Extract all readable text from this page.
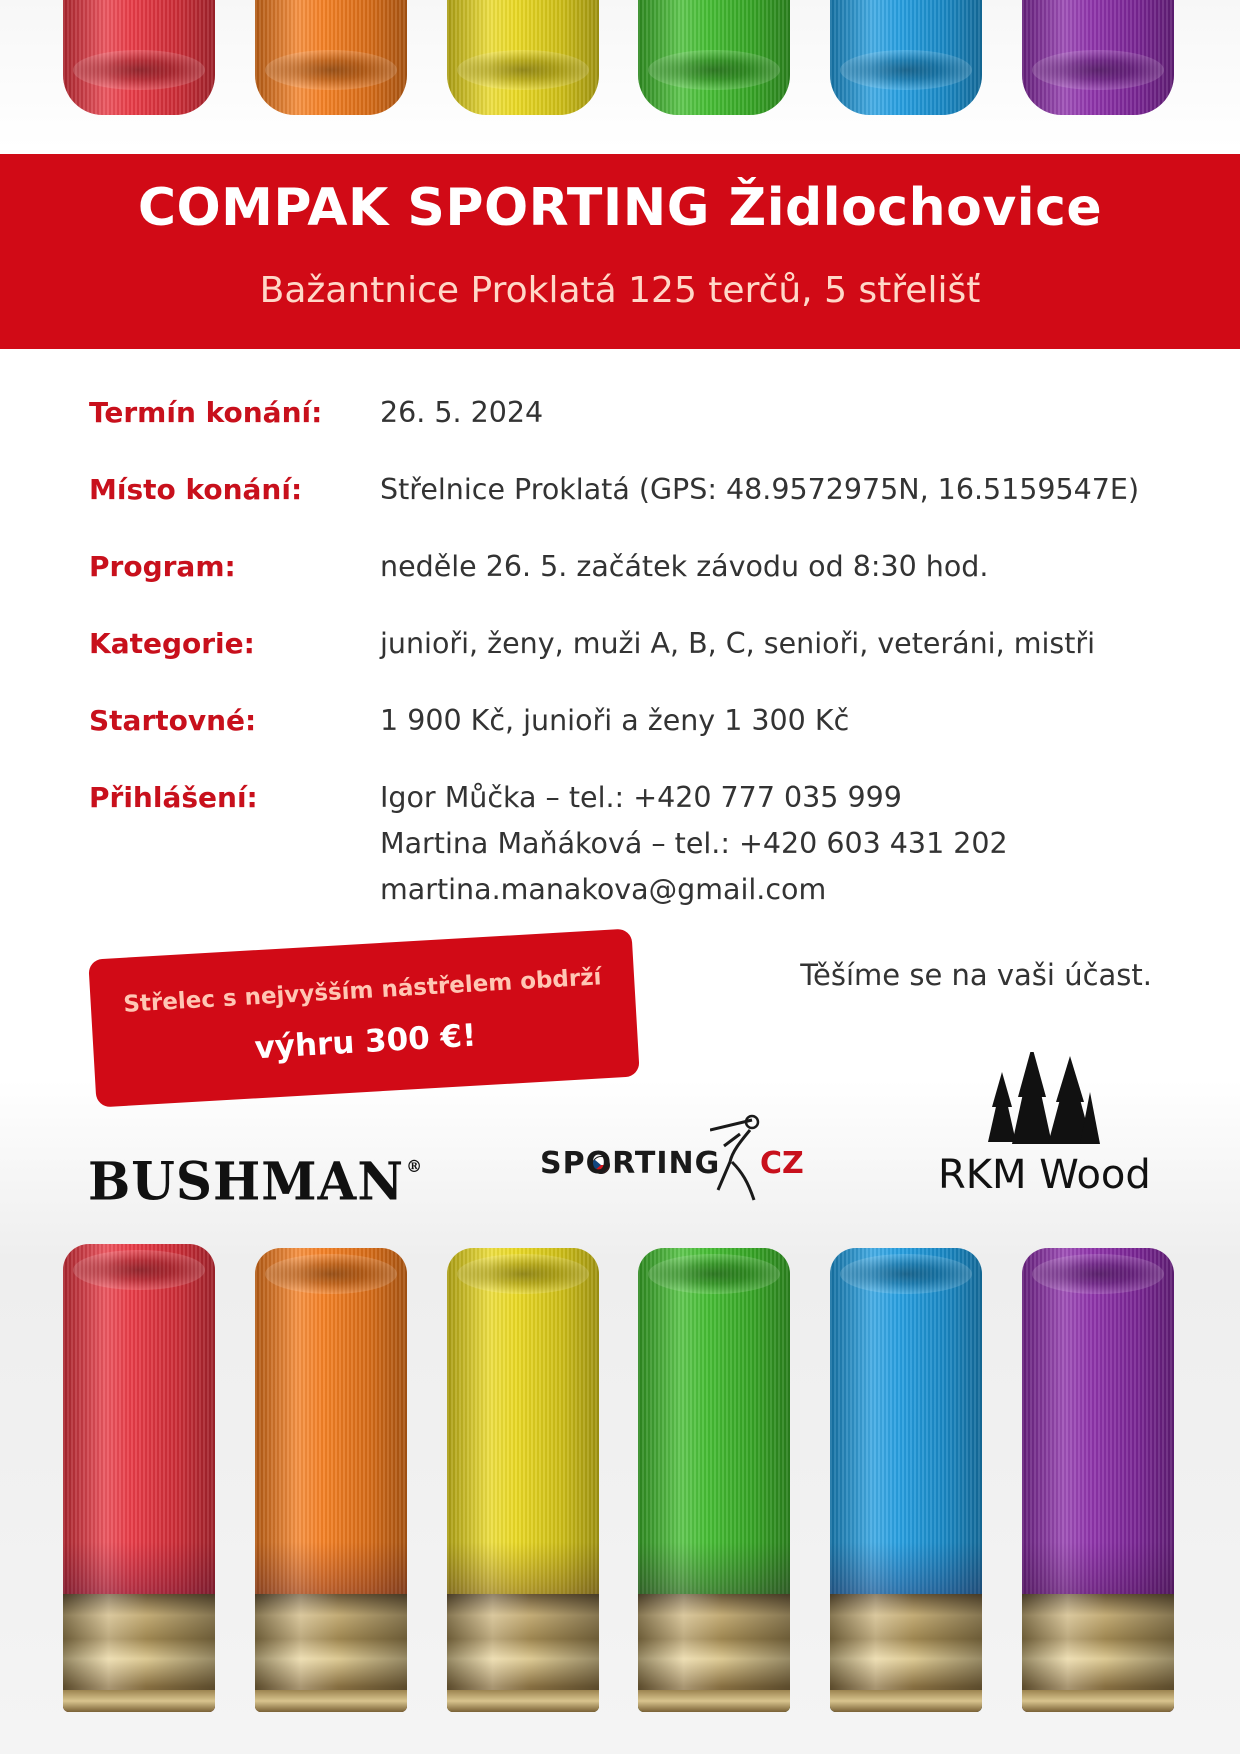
COMPAK SPORTING Židlochovice
Bažantnice Proklatá 125 terčů, 5 střelišť
Termín konání:	26. 5. 2024
Místo konání:	Střelnice Proklatá (GPS: 48.9572975N, 16.5159547E)
Program:	neděle 26. 5. začátek závodu od 8:30 hod.
Kategorie:	junioři, ženy, muži A, B, C, senioři, veteráni, mistři
Startovné:	1 900 Kč, junioři a ženy 1 300 Kč
Přihlášení:	Igor Můčka – tel.: +420 777 035 999
Martina Maňáková – tel.: +420 603 431 202
martina.manakova@gmail.com
Střelec s nejvyšším nástřelem obdrží
výhru 300 €!
Těšíme se na vaši účast.
BUSHMAN ®	SPORTING CZ	RKM Wood
